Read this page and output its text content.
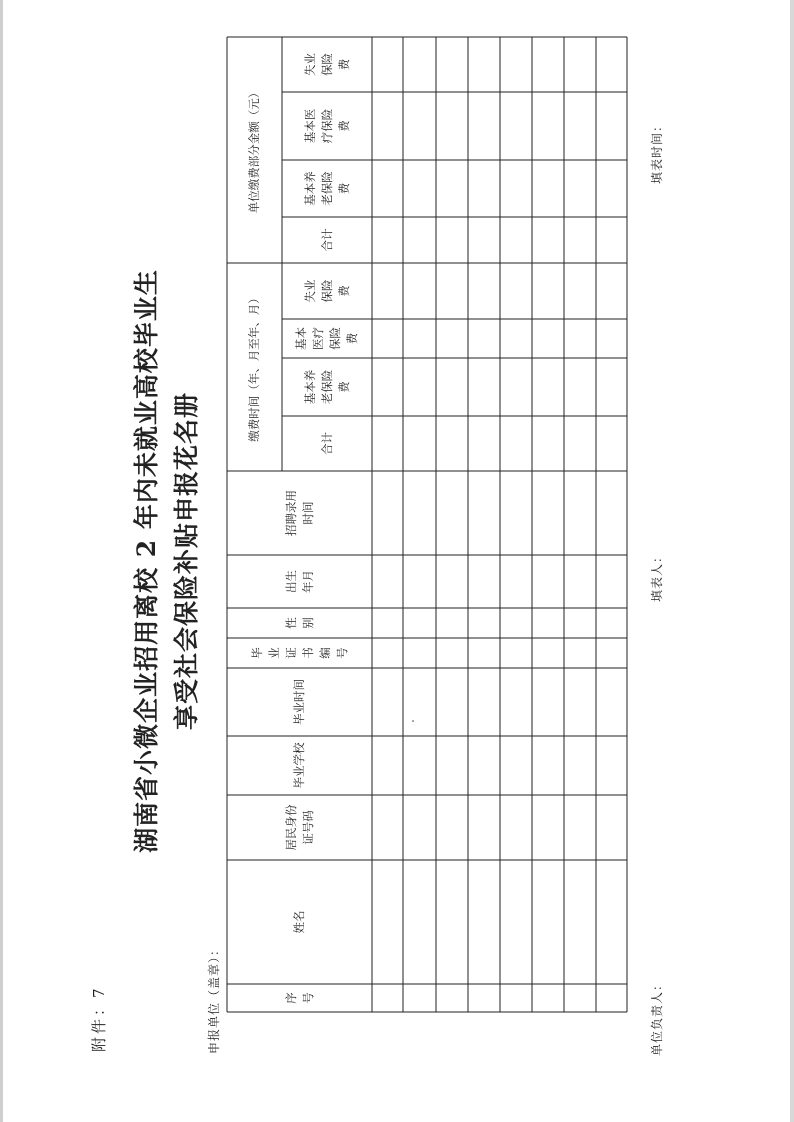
附件：7
湖南省小微企业招用离校 2 年内未就业高校毕业生 享受社会保险补贴申报花名册
申报单位（盖章）：	序号
姓名
居民身份证号码
毕业学校
毕业时间
毕业证书编号
性别
出生年月
招聘录用时间
缴费时间（年、月至年、月）
合计
基本养老保险费
基本医疗保险费
失业保险费
单位缴费部分金额（元）
合计
基本养老保险费
基本医疗保险费
失业保险费
单位负责人：
填表人：
填表时间：
